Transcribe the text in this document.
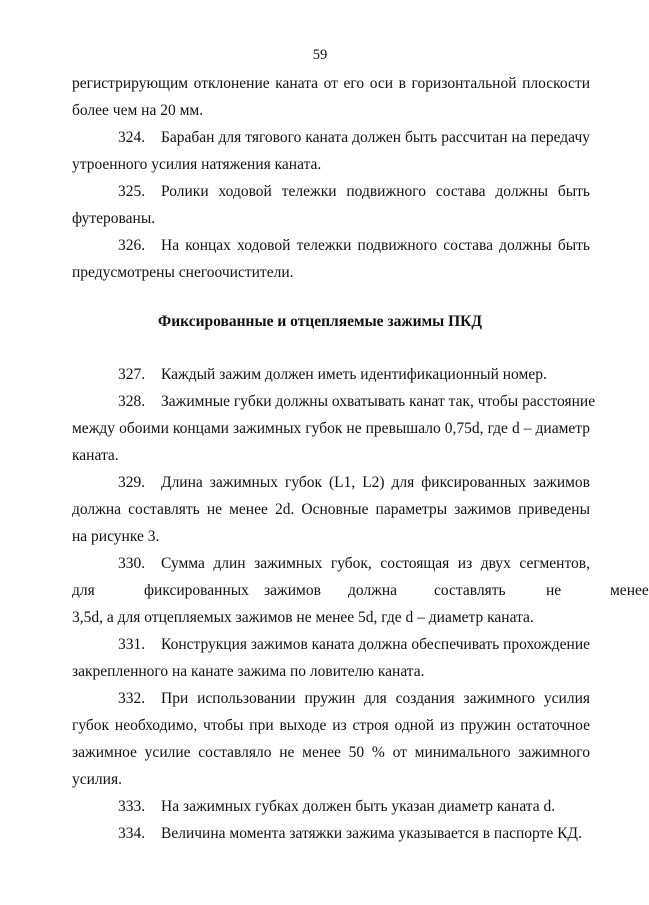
59
регистрирующим отклонение каната от его оси в горизонтальной плоскости
более чем на 20 мм.
324. Барабан для тягового каната должен быть рассчитан на передачу
утроенного усилия натяжения каната.
325. Ролики ходовой тележки подвижного состава должны быть
футерованы.
326. На концах ходовой тележки подвижного состава должны быть
предусмотрены снегоочистители.
Фиксированные и отцепляемые зажимы ПКД
327. Каждый зажим должен иметь идентификационный номер.
328. Зажимные губки должны охватывать канат так, чтобы расстояние
между обоими концами зажимных губок не превышало 0,75d, где d – диаметр
каната.
329. Длина зажимных губок (L1, L2) для фиксированных зажимов
должна составлять не менее 2d. Основные параметры зажимов приведены
на рисунке 3.
330. Сумма длин зажимных губок, состоящая из двух сегментов,
для	фиксированных зажимов должна составлять	не	менее
3,5d, а для отцепляемых зажимов не менее 5d, где d – диаметр каната.
331. Конструкция зажимов каната должна обеспечивать прохождение
закрепленного на канате зажима по ловителю каната.
332. При использовании пружин для создания зажимного усилия
губок необходимо, чтобы при выходе из строя одной из пружин остаточное
зажимное усилие составляло не менее 50 % от минимального зажимного
усилия.
333. На зажимных губках должен быть указан диаметр каната d.
334. Величина момента затяжки зажима указывается в паспорте КД.
